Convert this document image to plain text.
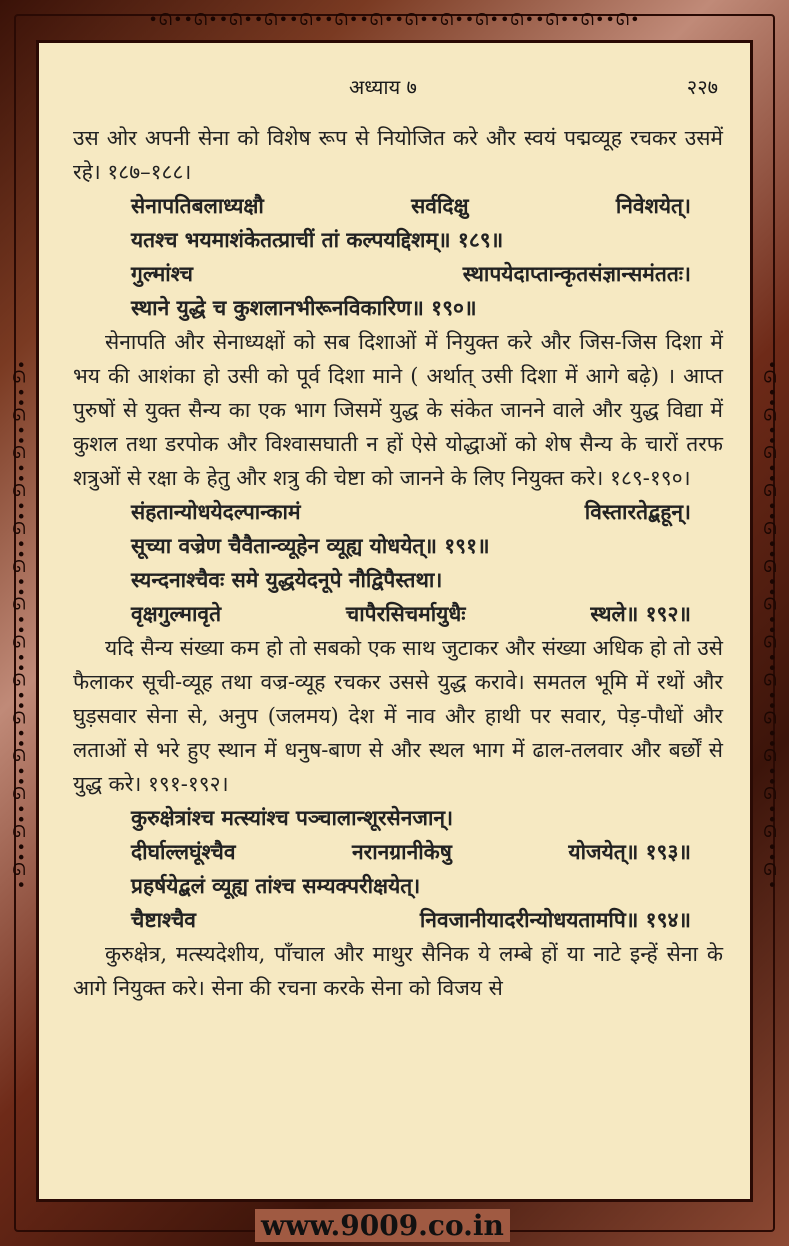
•ᘏ••ᘏ••ᘏ••ᘏ••ᘏ••ᘏ••ᘏ••ᘏ••ᘏ••ᘏ••ᘏ••ᘏ••ᘏ••ᘏ•
•ᘏ••ᘏ••ᘏ••ᘏ••ᘏ••ᘏ••ᘏ••ᘏ••ᘏ••ᘏ••ᘏ••ᘏ••ᘏ••ᘏ•	•ᘏ••ᘏ••ᘏ••ᘏ••ᘏ••ᘏ••ᘏ••ᘏ••ᘏ••ᘏ••ᘏ••ᘏ••ᘏ••ᘏ•
अध्याय ७	२२७

उस ओर अपनी सेना को विशेष रूप से नियोजित करे और स्वयं पद्मव्यूह रचकर उसमें रहे। १८७–१८८।

सेनापतिबलाध्यक्षौ	सर्वदिक्षु	निवेशयेत्।

यतश्च भयमाशंकेतत्प्राचीं तां कल्पयद्दिशम्॥ १८९॥

गुल्मांश्च	स्थापयेदाप्तान्कृतसंज्ञान्समंततः।

स्थाने युद्धे च कुशलानभीरूनविकारिण॥ १९०॥

सेनापति और सेनाध्यक्षों को सब दिशाओं में नियुक्त करे और जिस-जिस दिशा में भय की आशंका हो उसी को पूर्व दिशा माने ( अर्थात् उसी दिशा में आगे बढ़े) । आप्त पुरुषों से युक्त सैन्य का एक भाग जिसमें युद्ध के संकेत जानने वाले और युद्ध विद्या में कुशल तथा डरपोक और विश्वासघाती न हों ऐसे योद्धाओं को शेष सैन्य के चारों तरफ शत्रुओं से रक्षा के हेतु और शत्रु की चेष्टा को जानने के लिए नियुक्त करे। १८९-१९०।

संहतान्योधयेदल्पान्कामं	विस्तारतेद्बहून्।

सूच्या वज्रेण चैवैतान्व्यूहेन व्यूह्य योधयेत्॥ १९१॥

स्यन्दनाश्चैवः समे युद्धयेदनूपे नौद्विपैस्तथा।

वृक्षगुल्मावृते	चापैरसिचर्मायुधैः	स्थले॥ १९२॥

यदि सैन्य संख्या कम हो तो सबको एक साथ जुटाकर और संख्या अधिक हो तो उसे फैलाकर सूची-व्यूह तथा वज्र-व्यूह रचकर उससे युद्ध करावे। समतल भूमि में रथों और घुड़सवार सेना से, अनुप (जलमय) देश में नाव और हाथी पर सवार, पेड़-पौधों और लताओं से भरे हुए स्थान में धनुष-बाण से और स्थल भाग में ढाल-तलवार और बर्छों से युद्ध करे। १९१-१९२।

कुरुक्षेत्रांश्च मत्स्यांश्च पञ्चालान्शूरसेनजान्।

दीर्घाल्लघूंश्चैव	नरानग्रानीकेषु	योजयेत्॥ १९३॥

प्रहर्षयेद्बलं व्यूह्य तांश्च सम्यक्परीक्षयेत्।

चैष्टाश्चैव	निवजानीयादरीन्योधयतामपि॥ १९४॥

कुरुक्षेत्र, मत्स्यदेशीय, पाँचाल और माथुर सैनिक ये लम्बे हों या नाटे इन्हें सेना के आगे नियुक्त करे। सेना की रचना करके सेना को विजय से

www.9009.co.in
